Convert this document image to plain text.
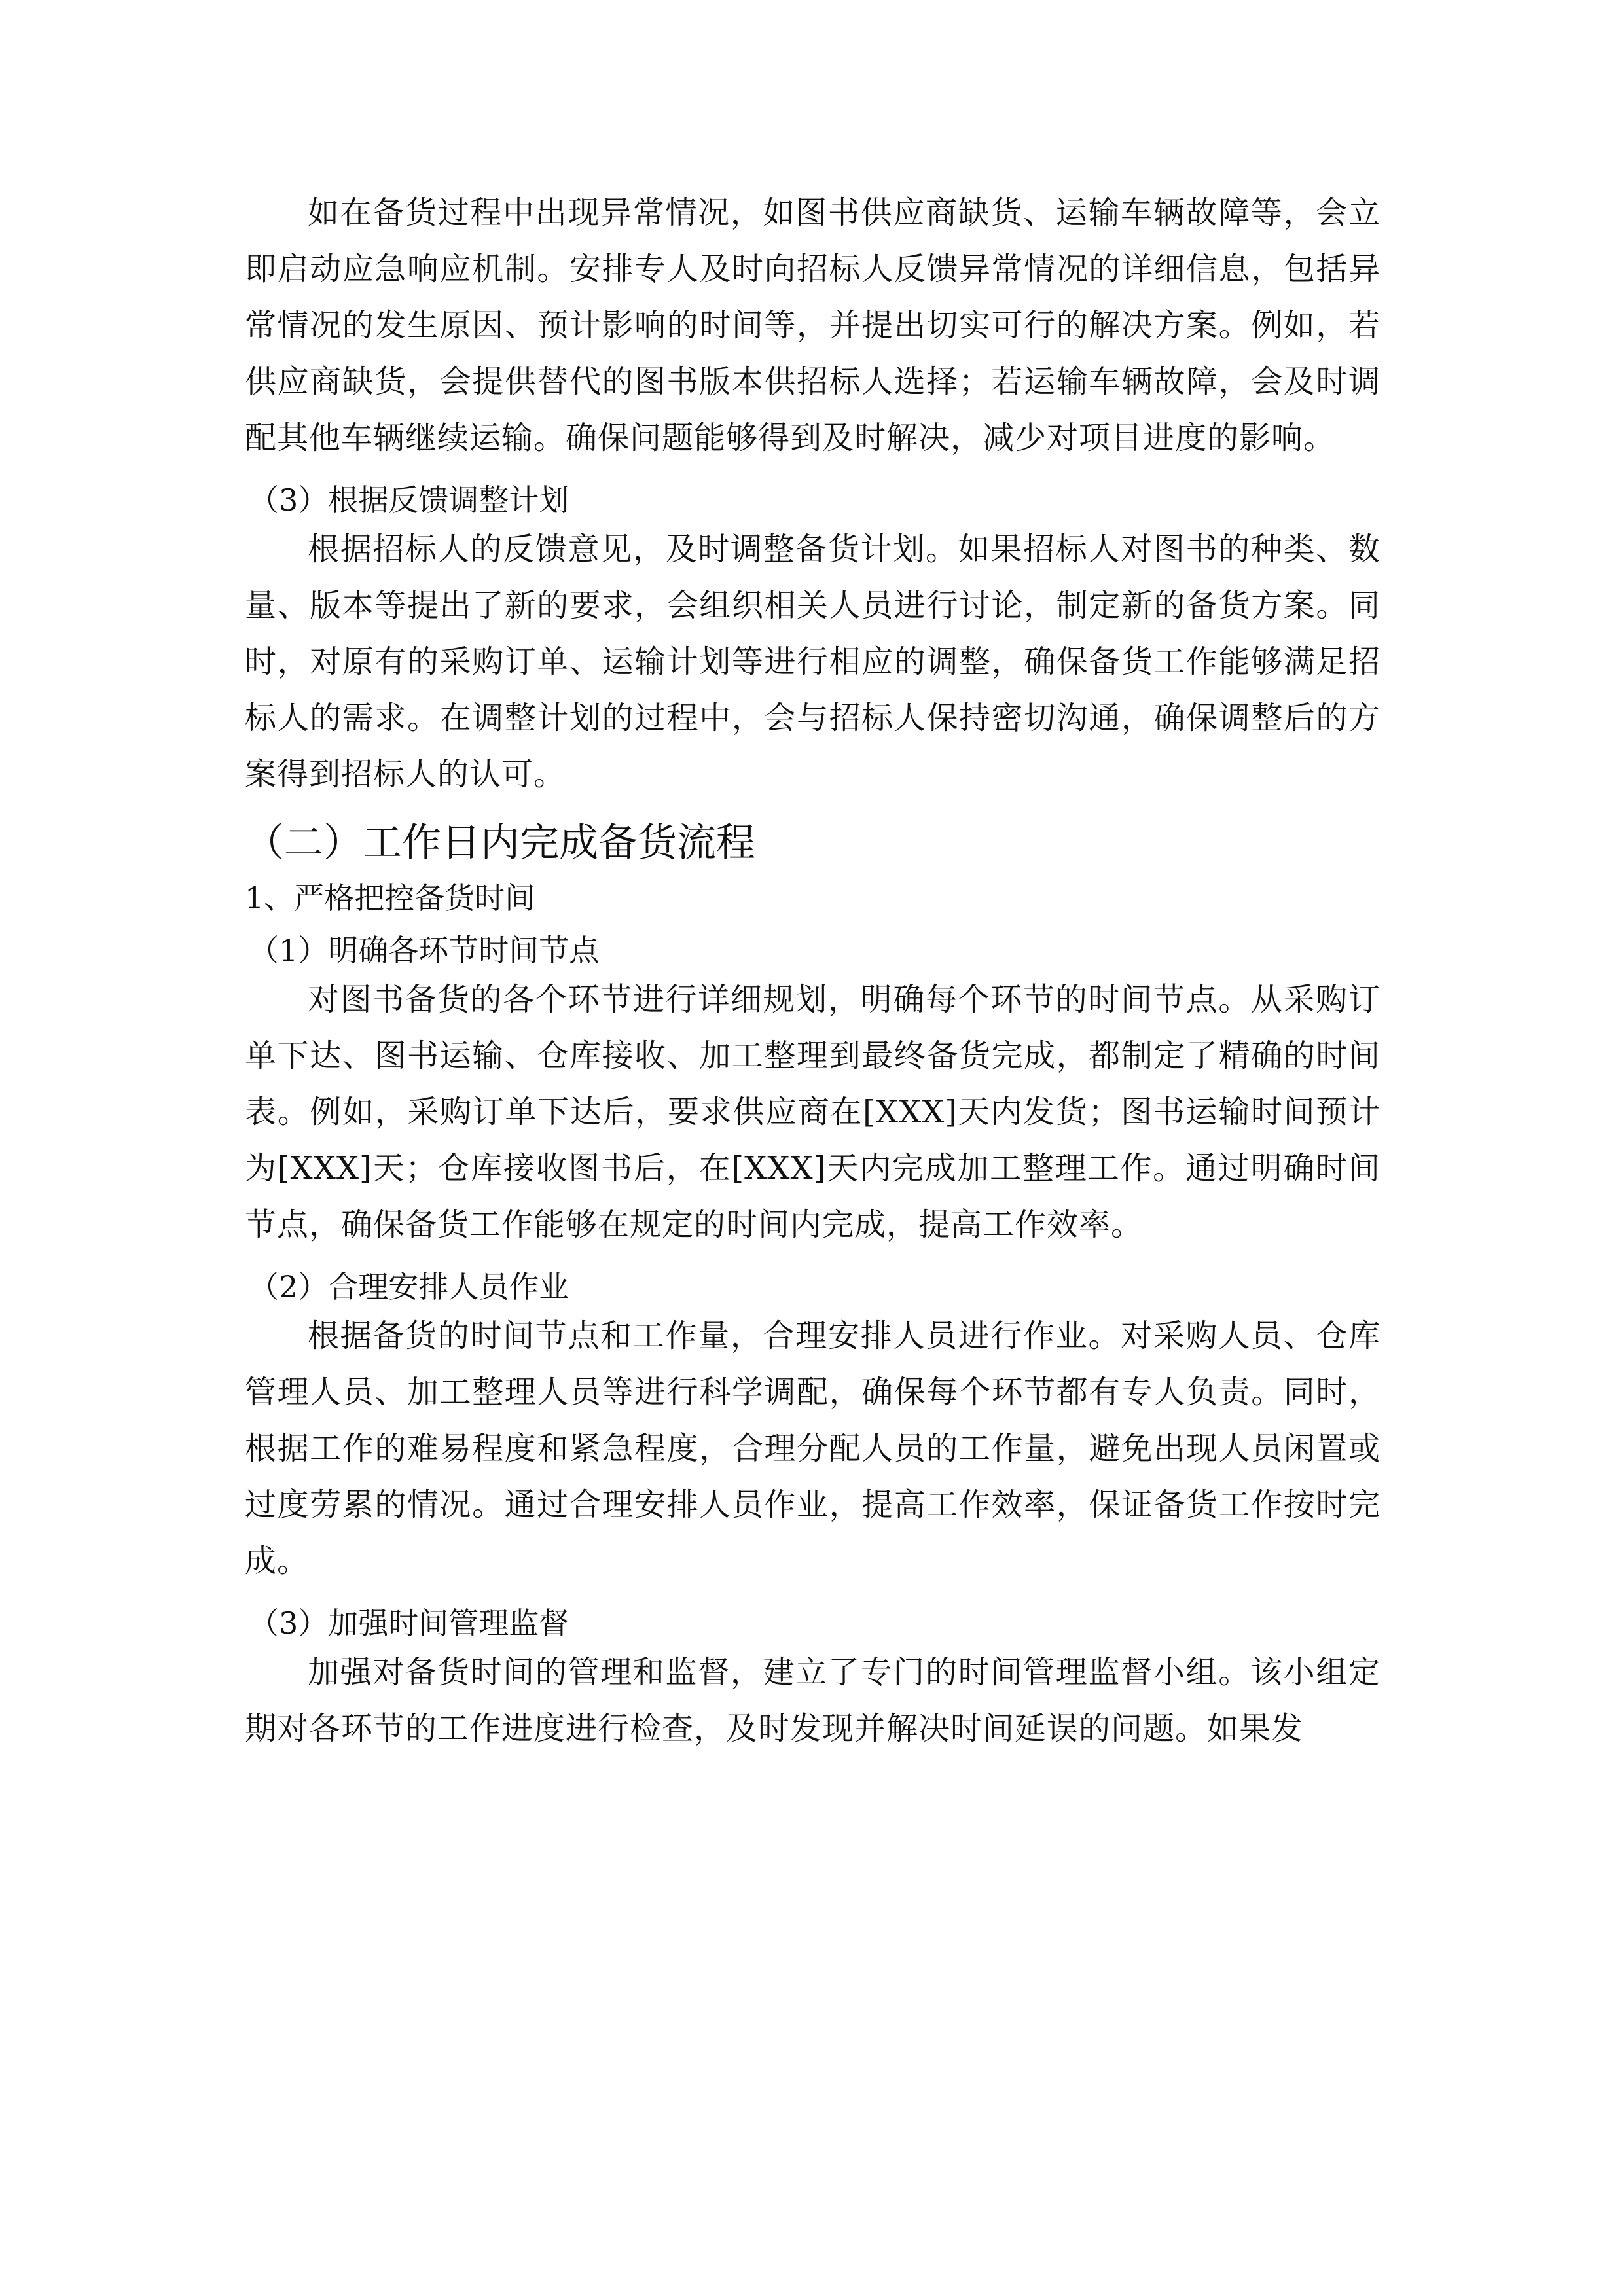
如在备货过程中出现异常情况，如图书供应商缺货、运输车辆故障等，会立即启动应急响应机制。安排专人及时向招标人反馈异常情况的详细信息，包括异常情况的发生原因、预计影响的时间等，并提出切实可行的解决方案。例如，若供应商缺货，会提供替代的图书版本供招标人选择；若运输车辆故障，会及时调配其他车辆继续运输。确保问题能够得到及时解决，减少对项目进度的影响。

（3）根据反馈调整计划

根据招标人的反馈意见，及时调整备货计划。如果招标人对图书的种类、数量、版本等提出了新的要求，会组织相关人员进行讨论，制定新的备货方案。同时，对原有的采购订单、运输计划等进行相应的调整，确保备货工作能够满足招标人的需求。在调整计划的过程中，会与招标人保持密切沟通，确保调整后的方案得到招标人的认可。

（二）工作日内完成备货流程

1、严格把控备货时间

（1）明确各环节时间节点

对图书备货的各个环节进行详细规划，明确每个环节的时间节点。从采购订单下达、图书运输、仓库接收、加工整理到最终备货完成，都制定了精确的时间表。例如，采购订单下达后，要求供应商在[XXX]天内发货；图书运输时间预计为[XXX]天；仓库接收图书后，在[XXX]天内完成加工整理工作。通过明确时间节点，确保备货工作能够在规定的时间内完成，提高工作效率。

（2）合理安排人员作业

根据备货的时间节点和工作量，合理安排人员进行作业。对采购人员、仓库管理人员、加工整理人员等进行科学调配，确保每个环节都有专人负责。同时，根据工作的难易程度和紧急程度，合理分配人员的工作量，避免出现人员闲置或过度劳累的情况。通过合理安排人员作业，提高工作效率，保证备货工作按时完成。

（3）加强时间管理监督

加强对备货时间的管理和监督，建立了专门的时间管理监督小组。该小组定期对各环节的工作进度进行检查，及时发现并解决时间延误的问题。如果发
